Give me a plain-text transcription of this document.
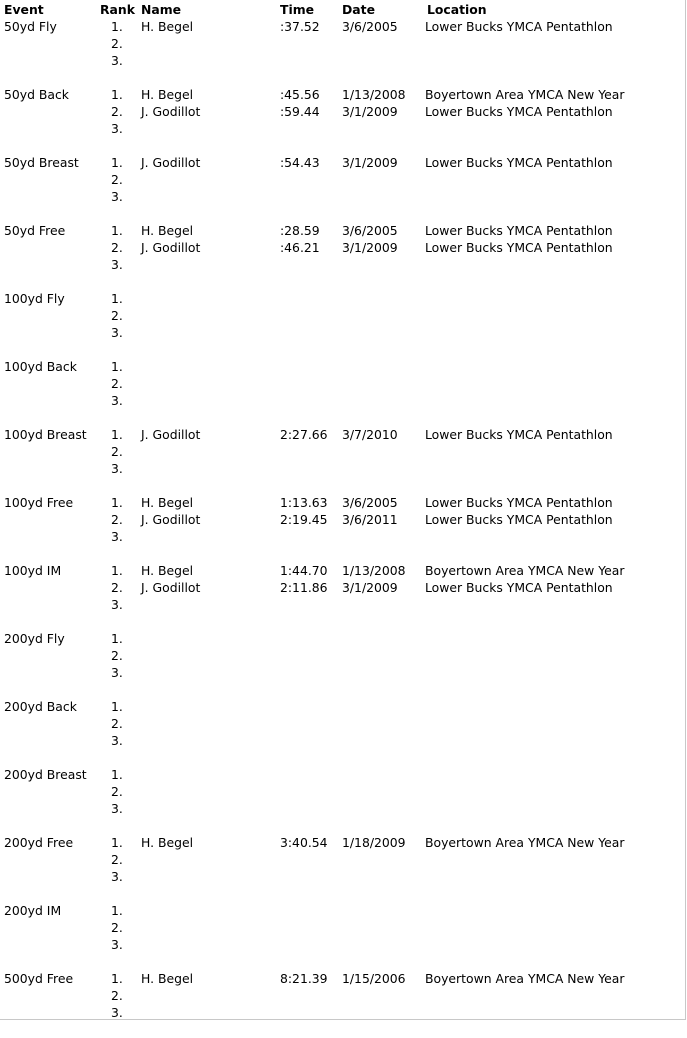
Event	Rank Name	Time Date	Location
50yd Fly	1. H. Begel	:37.52 3/6/2005 Lower Bucks YMCA Pentathlon
2.
3.
50yd Back	1. H. Begel	:45.56 1/13/2008 Boyertown Area YMCA New Year
2. J. Godillot	:59.44 3/1/2009 Lower Bucks YMCA Pentathlon
3.
50yd Breast	1. J. Godillot	:54.43 3/1/2009 Lower Bucks YMCA Pentathlon
2.
3.
50yd Free	1. H. Begel	:28.59 3/6/2005 Lower Bucks YMCA Pentathlon
2. J. Godillot	:46.21 3/1/2009 Lower Bucks YMCA Pentathlon
3.
100yd Fly	1.
2.
3.
100yd Back	1.
2.
3.
100yd Breast 1. J. Godillot	2:27.66 3/7/2010 Lower Bucks YMCA Pentathlon
2.
3.
100yd Free	1. H. Begel	1:13.63 3/6/2005 Lower Bucks YMCA Pentathlon
2. J. Godillot	2:19.45 3/6/2011 Lower Bucks YMCA Pentathlon
3.
100yd IM	1. H. Begel	1:44.70 1/13/2008 Boyertown Area YMCA New Year
2. J. Godillot	2:11.86 3/1/2009 Lower Bucks YMCA Pentathlon
3.
200yd Fly	1.
2.
3.
200yd Back	1.
2.
3.
200yd Breast 1.
2.
3.
200yd Free	1. H. Begel	3:40.54 1/18/2009 Boyertown Area YMCA New Year
2.
3.
200yd IM	1.
2.
3.
500yd Free	1. H. Begel	8:21.39 1/15/2006 Boyertown Area YMCA New Year
2.
3.
